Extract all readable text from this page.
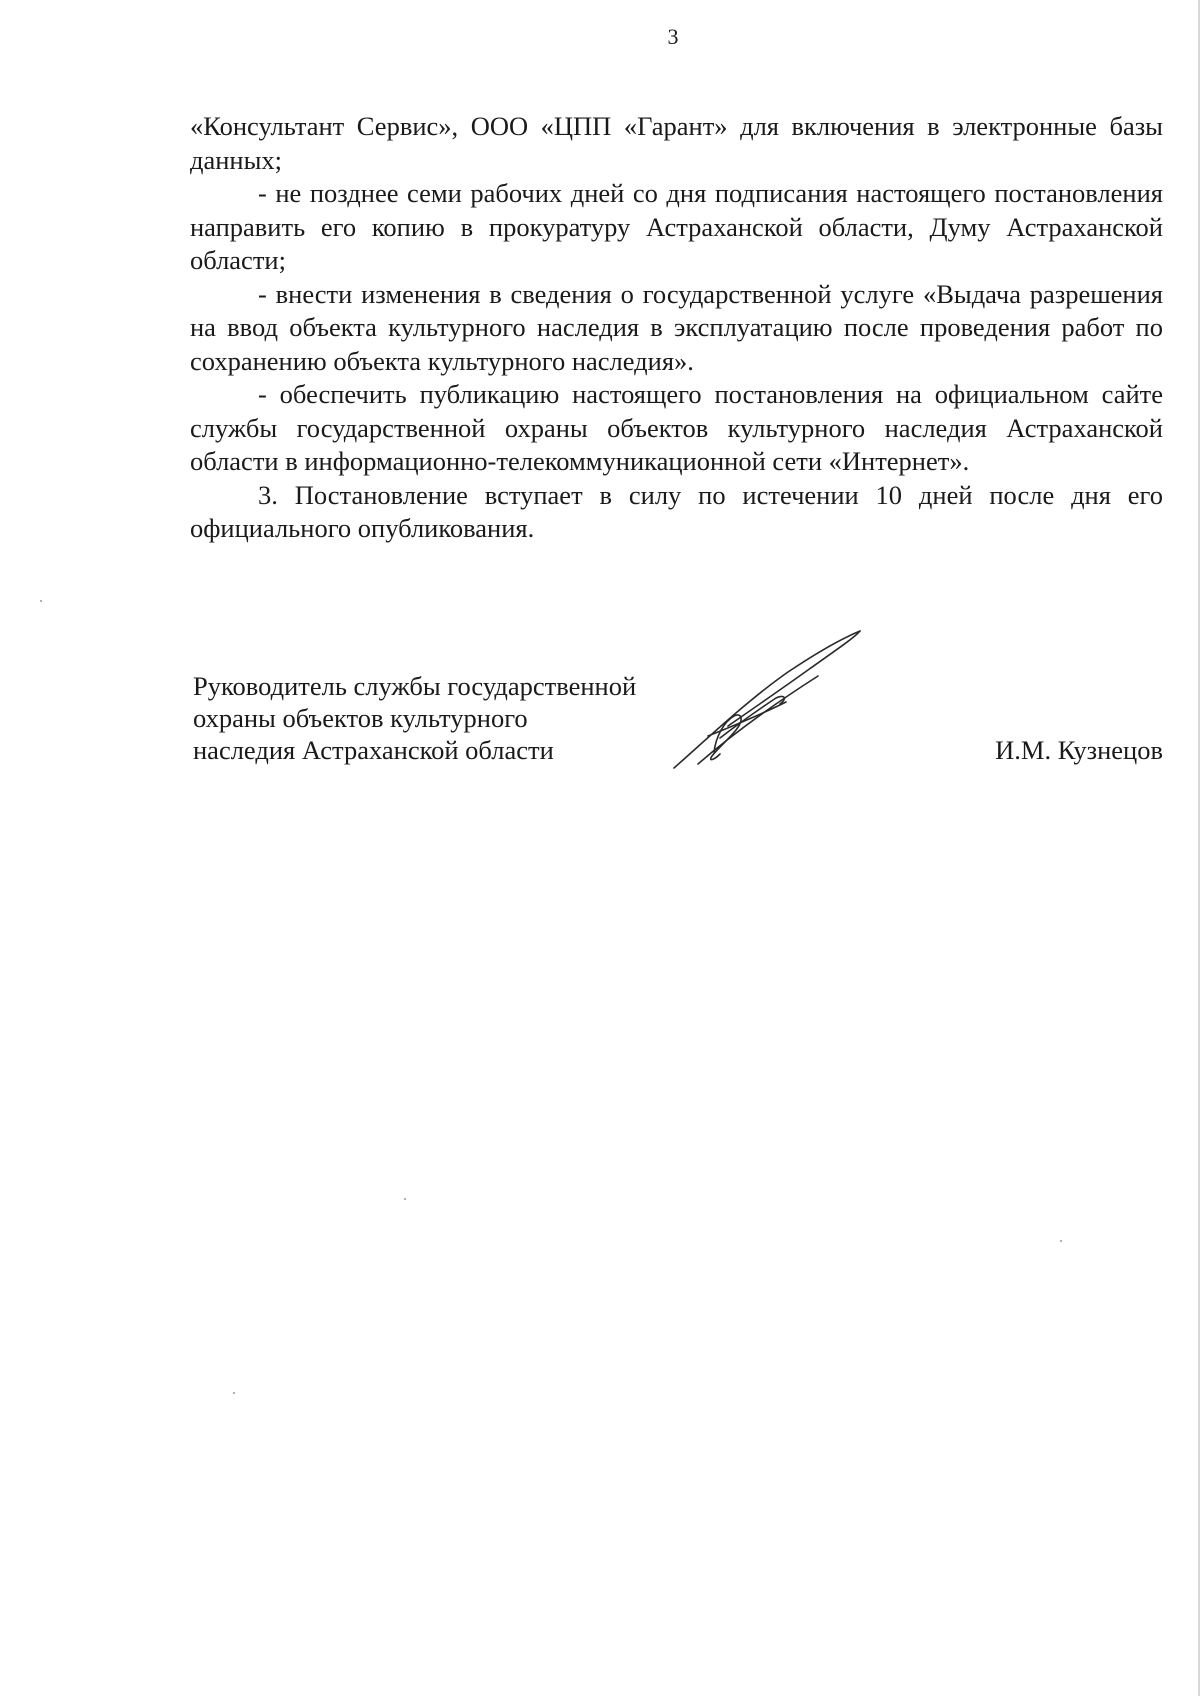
3

«Консультант Сервис», ООО «ЦПП «Гарант» для включения в электронные базы данных;

- не позднее семи рабочих дней со дня подписания настоящего постановления направить его копию в прокуратуру Астраханской области, Думу Астраханской области;

- внести изменения в сведения о государственной услуге «Выдача разрешения на ввод объекта культурного наследия в эксплуатацию после проведения работ по сохранению объекта культурного наследия».

- обеспечить публикацию настоящего постановления на официальном сайте службы государственной охраны объектов культурного наследия Астраханской области в информационно-телекоммуникационной сети «Интернет».

3. Постановление вступает в силу по истечении 10 дней после дня его официального опубликования.

Руководитель службы государственной
охраны объектов культурного
наследия Астраханской области	И.М. Кузнецов
